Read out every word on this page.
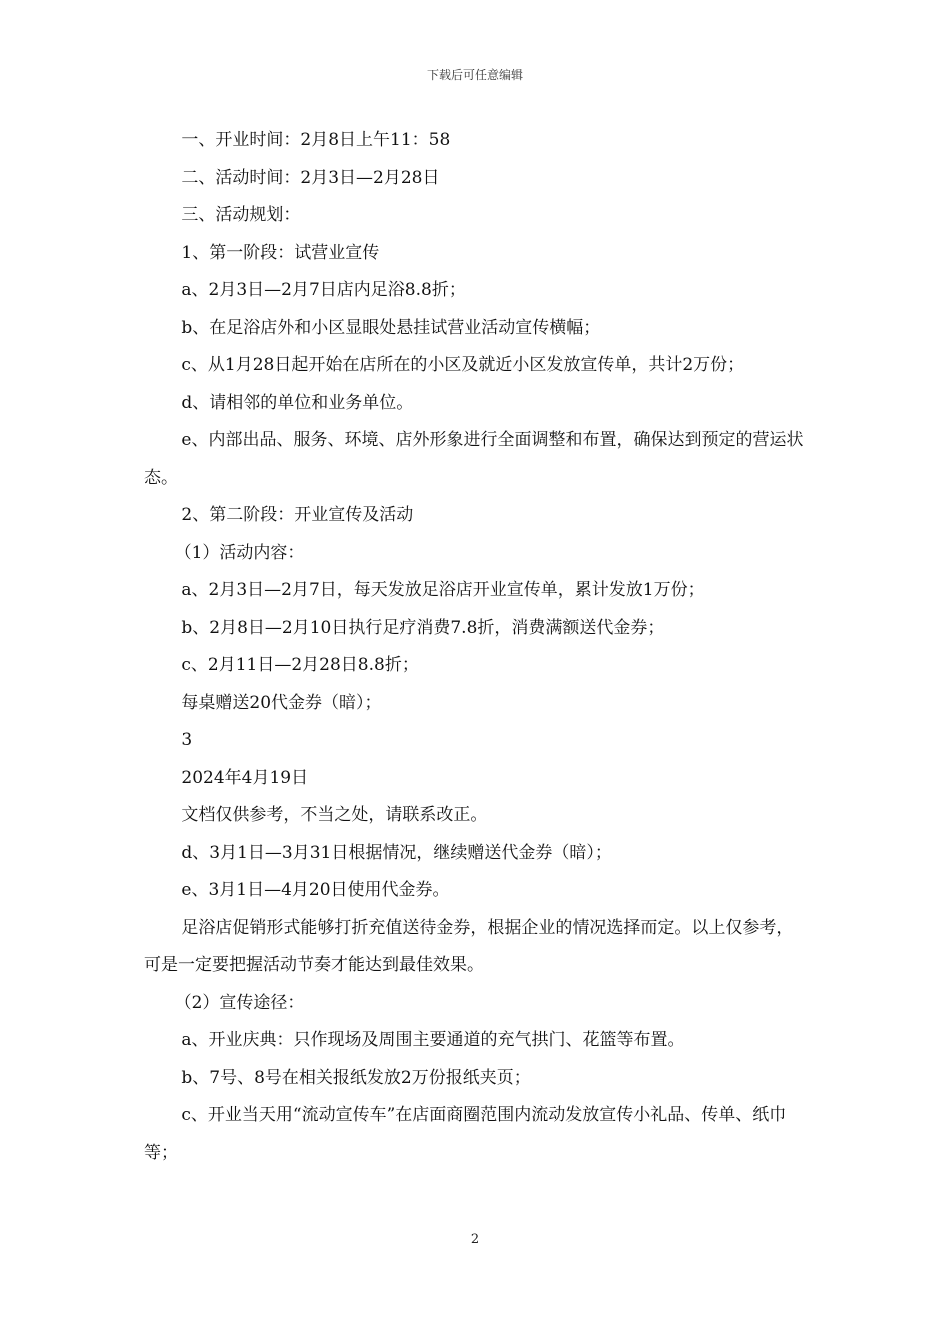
下载后可任意编辑

一、开业时间：2月8日上午11：58

二、活动时间：2月3日—2月28日

三、活动规划：

1、第一阶段：试营业宣传

a、2月3日—2月7日店内足浴8.8折；

b、在足浴店外和小区显眼处悬挂试营业活动宣传横幅；

c、从1月28日起开始在店所在的小区及就近小区发放宣传单，共计2万份；

d、请相邻的单位和业务单位。

e、内部出品、服务、环境、店外形象进行全面调整和布置，确保达到预定的营运状态。

2、第二阶段：开业宣传及活动

（1）活动内容：

a、2月3日—2月7日，每天发放足浴店开业宣传单，累计发放1万份；

b、2月8日—2月10日执行足疗消费7.8折，消费满额送代金券；

c、2月11日—2月28日8.8折；

每桌赠送20代金券（暗）；

3

2024年4月19日

文档仅供参考，不当之处，请联系改正。

d、3月1日—3月31日根据情况，继续赠送代金券（暗）；

e、3月1日—4月20日使用代金券。

足浴店促销形式能够打折充值送待金券，根据企业的情况选择而定。以上仅参考，可是一定要把握活动节奏才能达到最佳效果。

（2）宣传途径：

a、开业庆典：只作现场及周围主要通道的充气拱门、花篮等布置。

b、7号、8号在相关报纸发放2万份报纸夹页；

c、开业当天用“流动宣传车”在店面商圈范围内流动发放宣传小礼品、传单、纸巾等；

2
